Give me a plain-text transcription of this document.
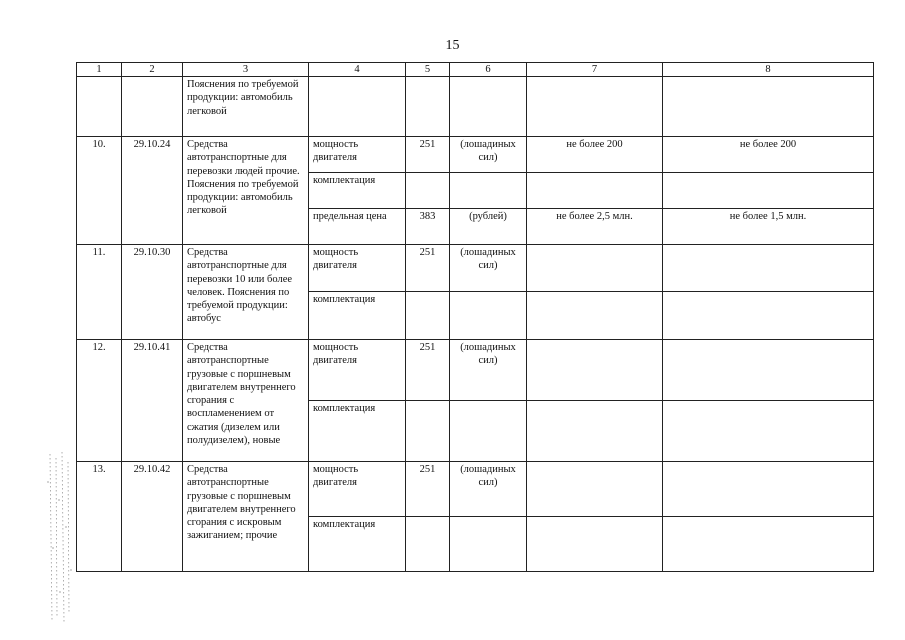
15
1	2	3	4	5	6	7	8
		Пояснения по требуемой продукции: автомобиль легковой					
10.	29.10.24	Средства автотранспортные для перевозки людей прочие. Пояснения по требуемой продукции: автомобиль легковой	мощность двигателя	251	(лошадиных сил)	не более 200	не более 200
			комплектация				
			предельная цена	383	(рублей)	не более 2,5 млн.	не более 1,5 млн.
11.	29.10.30	Средства автотранспортные для перевозки 10 или более человек. Пояснения по требуемой продукции: автобус	мощность двигателя	251	(лошадиных сил)		
			комплектация				
12.	29.10.41	Средства автотранспортные грузовые с поршневым двигателем внутреннего сгорания с воспламенением от сжатия (дизелем или полудизелем), новые	мощность двигателя	251	(лошадиных сил)		
			комплектация				
13.	29.10.42	Средства автотранспортные грузовые с поршневым двигателем внутреннего сгорания с искровым зажиганием; прочие	мощность двигателя	251	(лошадиных сил)		
			комплектация				
